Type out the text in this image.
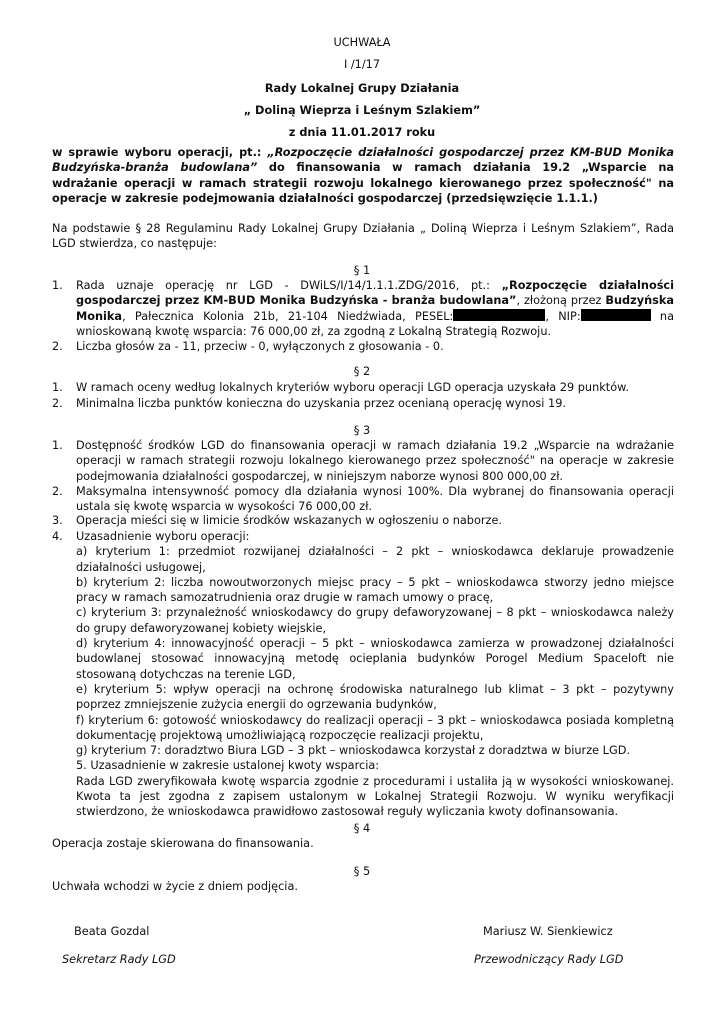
UCHWAŁA
I /1/17
Rady Lokalnej Grupy Działania
„ Doliną Wieprza i Leśnym Szlakiem”
z dnia 11.01.2017 roku
w sprawie wyboru operacji, pt.: „Rozpoczęcie działalności gospodarczej przez KM-BUD Monika Budzyńska-branża budowlana” do finansowania w ramach działania 19.2 „Wsparcie na wdrażanie operacji w ramach strategii rozwoju lokalnego kierowanego przez społeczność" na operacje w zakresie podejmowania działalności gospodarczej (przedsięwzięcie 1.1.1.)
Na podstawie § 28 Regulaminu Rady Lokalnej Grupy Działania „ Doliną Wieprza i Leśnym Szlakiem”, Rada LGD stwierdza, co następuje:
§ 1
1.	Rada uznaje operację nr LGD - DWiLS/I/14/1.1.1.ZDG/2016, pt.: „Rozpoczęcie działalności gospodarczej przez KM-BUD Monika Budzyńska - branża budowlana”, złożoną przez Budzyńska Monika, Pałecznica Kolonia 21b, 21-104 Niedźwiada, PESEL:	, NIP:	na wnioskowaną kwotę wsparcia: 76 000,00 zł, za zgodną z Lokalną Strategią Rozwoju.
2.	Liczba głosów za - 11, przeciw - 0, wyłączonych z głosowania - 0.
§ 2
1.	W ramach oceny według lokalnych kryteriów wyboru operacji LGD operacja uzyskała 29 punktów.
2.	Minimalna liczba punktów konieczna do uzyskania przez ocenianą operację wynosi 19.
§ 3
1.	Dostępność środków LGD do finansowania operacji w ramach działania 19.2 „Wsparcie na wdrażanie operacji w ramach strategii rozwoju lokalnego kierowanego przez społeczność" na operacje w zakresie podejmowania działalności gospodarczej, w niniejszym naborze wynosi 800 000,00 zł.
2.	Maksymalna intensywność pomocy dla działania wynosi 100%. Dla wybranej do finansowania operacji ustala się kwotę wsparcia w wysokości 76 000,00 zł.
3.	Operacja mieści się w limicie środków wskazanych w ogłoszeniu o naborze.
4.	Uzasadnienie wyboru operacji:
a) kryterium 1: przedmiot rozwijanej działalności – 2 pkt – wnioskodawca deklaruje prowadzenie działalności usługowej,
b) kryterium 2: liczba nowoutworzonych miejsc pracy – 5 pkt – wnioskodawca stworzy jedno miejsce pracy w ramach samozatrudnienia oraz drugie w ramach umowy o pracę,
c) kryterium 3: przynależność wnioskodawcy do grupy defaworyzowanej – 8 pkt – wnioskodawca należy do grupy defaworyzowanej kobiety wiejskie,
d) kryterium 4: innowacyjność operacji – 5 pkt – wnioskodawca zamierza w prowadzonej działalności budowlanej stosować innowacyjną metodę ocieplania budynków Porogel Medium Spaceloft nie stosowaną dotychczas na terenie LGD,
e) kryterium 5: wpływ operacji na ochronę środowiska naturalnego lub klimat – 3 pkt – pozytywny poprzez zmniejszenie zużycia energii do ogrzewania budynków,
f) kryterium 6: gotowość wnioskodawcy do realizacji operacji – 3 pkt – wnioskodawca posiada kompletną dokumentację projektową umożliwiającą rozpoczęcie realizacji projektu,
g) kryterium 7: doradztwo Biura LGD – 3 pkt – wnioskodawca korzystał z doradztwa w biurze LGD.
5. Uzasadnienie w zakresie ustalonej kwoty wsparcia:
Rada LGD zweryfikowała kwotę wsparcia zgodnie z procedurami i ustaliła ją w wysokości wnioskowanej. Kwota ta jest zgodna z zapisem ustalonym w Lokalnej Strategii Rozwoju. W wyniku weryfikacji stwierdzono, że wnioskodawca prawidłowo zastosował reguły wyliczania kwoty dofinansowania.
§ 4
Operacja zostaje skierowana do finansowania.
§ 5
Uchwała wchodzi w życie z dniem podjęcia.
Beata Gozdal
Sekretarz Rady LGD
Mariusz W. Sienkiewicz
Przewodniczący Rady LGD
